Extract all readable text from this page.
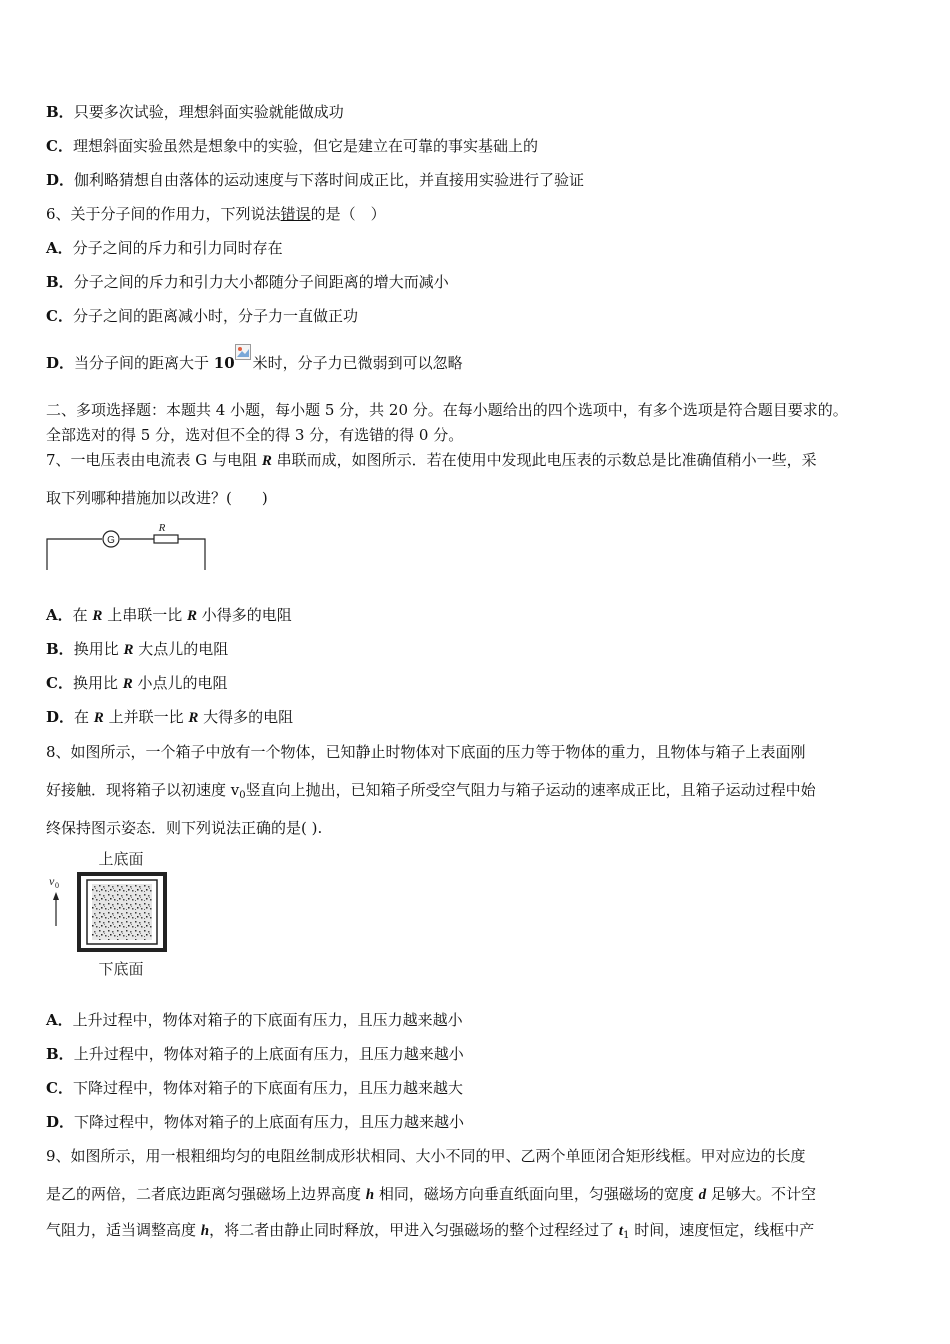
B．只要多次试验，理想斜面实验就能做成功
C．理想斜面实验虽然是想象中的实验，但它是建立在可靠的事实基础上的
D．伽利略猜想自由落体的运动速度与下落时间成正比，并直接用实验进行了验证
6、关于分子间的作用力，下列说法错误的是（　）
A．分子之间的斥力和引力同时存在
B．分子之间的斥力和引力大小都随分子间距离的增大而减小
C．分子之间的距离减小时，分子力一直做正功
D．当分子间的距离大于 10 米时，分子力已微弱到可以忽略
二、多项选择题：本题共 4 小题，每小题 5 分，共 20 分。在每小题给出的四个选项中，有多个选项是符合题目要求的。
全部选对的得 5 分，选对但不全的得 3 分，有选错的得 0 分。
7、一电压表由电流表 G 与电阻 R 串联而成，如图所示．若在使用中发现此电压表的示数总是比准确值稍小一些，采
取下列哪种措施加以改进？(　　)
G
R
A．在 R 上串联一比 R 小得多的电阻
B．换用比 R 大点儿的电阻
C．换用比 R 小点儿的电阻
D．在 R 上并联一比 R 大得多的电阻
8、如图所示，一个箱子中放有一个物体，已知静止时物体对下底面的压力等于物体的重力，且物体与箱子上表面刚
好接触．现将箱子以初速度 $v_0$竖直向上抛出，已知箱子所受空气阻力与箱子运动的速率成正比，且箱子运动过程中始
终保持图示姿态．则下列说法正确的是( ).
上底面
下底面
v 0
A．上升过程中，物体对箱子的下底面有压力，且压力越来越小
B．上升过程中，物体对箱子的上底面有压力，且压力越来越小
C．下降过程中，物体对箱子的下底面有压力，且压力越来越大
D．下降过程中，物体对箱子的上底面有压力，且压力越来越小
9、如图所示，用一根粗细均匀的电阻丝制成形状相同、大小不同的甲、乙两个单匝闭合矩形线框。甲对应边的长度
是乙的两倍，二者底边距离匀强磁场上边界高度 h 相同，磁场方向垂直纸面向里，匀强磁场的宽度 d 足够大。不计空
气阻力，适当调整高度 h，将二者由静止同时释放，甲进入匀强磁场的整个过程经过了 $t_1$ 时间，速度恒定，线框中产
